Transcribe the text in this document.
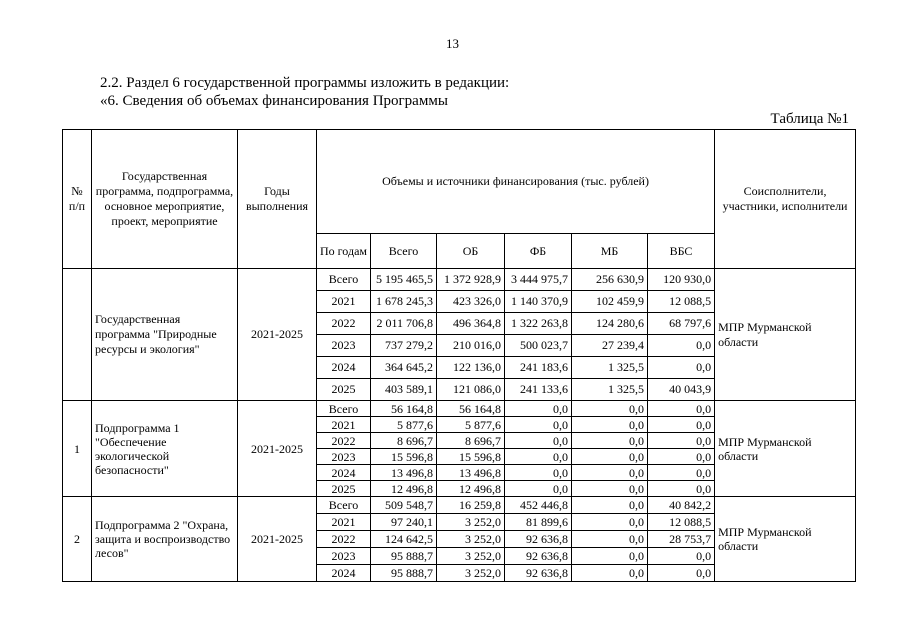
13
2.2. Раздел 6 государственной программы изложить в редакции:
«6. Сведения об объемах финансирования Программы
Таблица №1
№ п/п	Государственная программа, подпрограмма, основное мероприятие, проект, мероприятие	Годы выполнения	Объемы и источники финансирования (тыс. рублей)						Соисполнители, участники, исполнители
			По годам	Всего	ОБ	ФБ	МБ	ВБС	
	Государственная программа "Природные ресурсы и экология"	2021-2025	Всего	5 195 465,5	1 372 928,9	3 444 975,7	256 630,9	120 930,0	МПР Мурманской области
			2021	1 678 245,3	423 326,0	1 140 370,9	102 459,9	12 088,5	
			2022	2 011 706,8	496 364,8	1 322 263,8	124 280,6	68 797,6	
			2023	737 279,2	210 016,0	500 023,7	27 239,4	0,0	
			2024	364 645,2	122 136,0	241 183,6	1 325,5	0,0	
			2025	403 589,1	121 086,0	241 133,6	1 325,5	40 043,9	
1	Подпрограмма 1 "Обеспечение экологической безопасности"	2021-2025	Всего	56 164,8	56 164,8	0,0	0,0	0,0	МПР Мурманской области
			2021	5 877,6	5 877,6	0,0	0,0	0,0	
			2022	8 696,7	8 696,7	0,0	0,0	0,0	
			2023	15 596,8	15 596,8	0,0	0,0	0,0	
			2024	13 496,8	13 496,8	0,0	0,0	0,0	
			2025	12 496,8	12 496,8	0,0	0,0	0,0	
2	Подпрограмма 2 "Охрана, защита и воспроизводство лесов"	2021-2025	Всего	509 548,7	16 259,8	452 446,8	0,0	40 842,2	МПР Мурманской области
			2021	97 240,1	3 252,0	81 899,6	0,0	12 088,5	
			2022	124 642,5	3 252,0	92 636,8	0,0	28 753,7	
			2023	95 888,7	3 252,0	92 636,8	0,0	0,0	
			2024	95 888,7	3 252,0	92 636,8	0,0	0,0	
